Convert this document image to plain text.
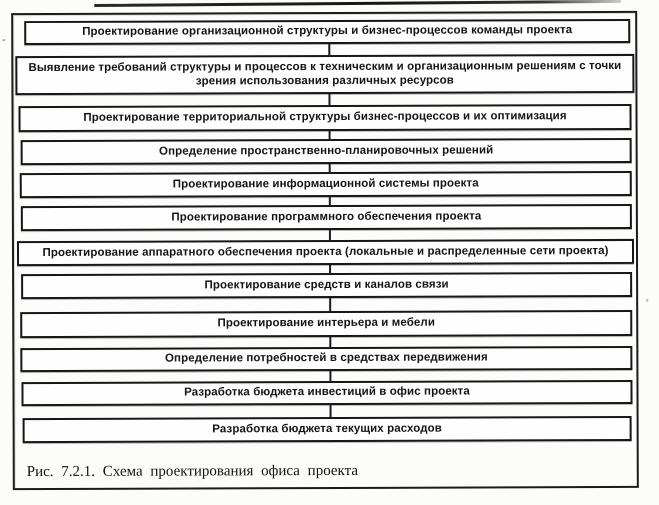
Проектирование организационной структуры и бизнес-процессов команды проекта
Выявление требований структуры и процессов к техническим и организационным решениям с точки зрения использования различных ресурсов
Проектирование территориальной структуры бизнес-процессов и их оптимизация
Определение пространственно-планировочных решений
Проектирование информационной системы проекта
Проектирование программного обеспечения проекта
Проектирование аппаратного обеспечения проекта (локальные и распределенные сети проекта)
Проектирование средств и каналов связи
Проектирование интерьера и мебели
Определение потребностей в средствах передвижения
Разработка бюджета инвестиций в офис проекта
Разработка бюджета текущих расходов
Рис. 7.2.1. Схема проектирования офиса проекта
